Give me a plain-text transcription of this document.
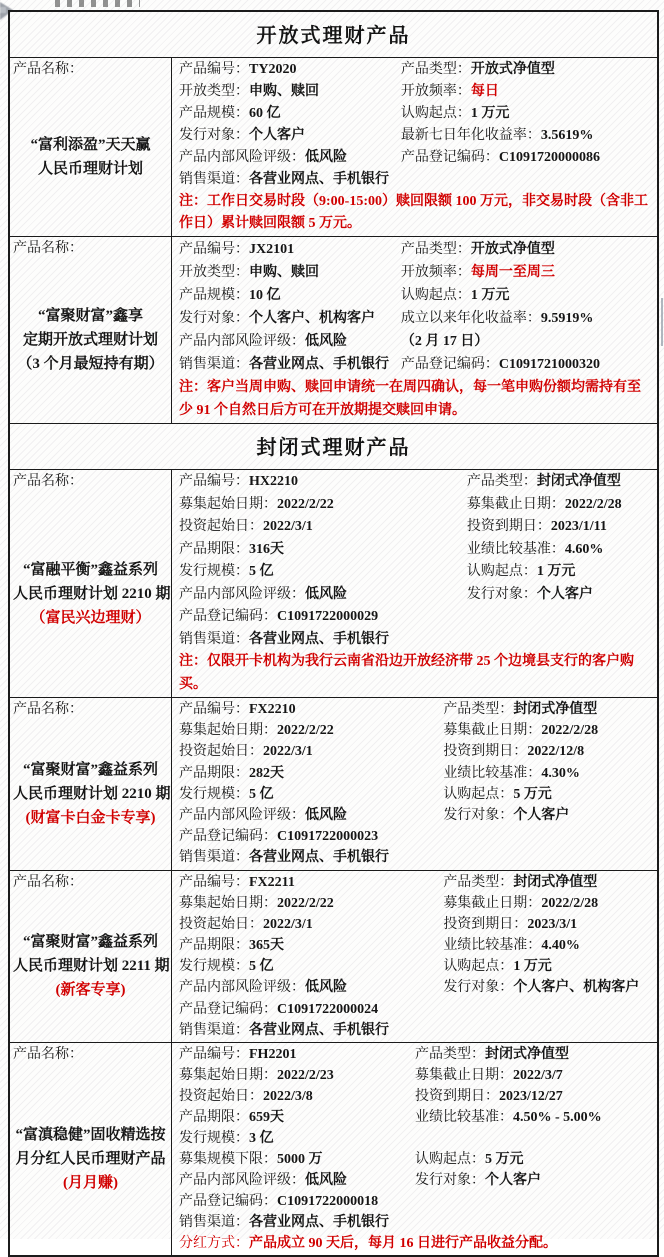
开放式理财产品
产品名称：
“富利添盈”天天赢
人民币理财计划
产品编号：TY2020	产品类型：开放式净值型
开放类型：申购、赎回	开放频率：每日
产品规模：60 亿	认购起点：1 万元
发行对象：个人客户	最新七日年化收益率：3.5619%
产品内部风险评级：低风险	产品登记编码：C1091720000086
销售渠道：各营业网点、手机银行
注：工作日交易时段（9:00-15:00）赎回限额 100 万元，非交易时段（含非工作日）累计赎回限额 5 万元。
产品名称：
“富聚财富”鑫享
定期开放式理财计划
（3 个月最短持有期）
产品编号：JX2101	产品类型：开放式净值型
开放类型：申购、赎回	开放频率：每周一至周三
产品规模：10 亿	认购起点：1 万元
发行对象：个人客户、机构客户	成立以来年化收益率：9.5919%
产品内部风险评级：低风险	（2 月 17 日）
销售渠道：各营业网点、手机银行 产品登记编码：C1091721000320
注：客户当周申购、赎回申请统一在周四确认，每一笔申购份额均需持有至少 91 个自然日后方可在开放期提交赎回申请。
封闭式理财产品
产品名称：
“富融平衡”鑫益系列
人民币理财计划 2210 期
（富民兴边理财）
产品编号：HX2210	产品类型：封闭式净值型
募集起始日期：2022/2/22	募集截止日期：2022/2/28
投资起始日：2022/3/1	投资到期日：2023/1/11
产品期限：316天	业绩比较基准：4.60%
发行规模：5 亿	认购起点：1 万元
产品内部风险评级：低风险	发行对象：个人客户
产品登记编码：C1091722000029
销售渠道：各营业网点、手机银行
注：仅限开卡机构为我行云南省沿边开放经济带 25 个边境县支行的客户购买。
产品名称：
“富聚财富”鑫益系列
人民币理财计划 2210 期
(财富卡白金卡专享)
产品编号：FX2210	产品类型：封闭式净值型
募集起始日期：2022/2/22	募集截止日期：2022/2/28
投资起始日：2022/3/1	投资到期日：2022/12/8
产品期限：282天	业绩比较基准：4.30%
发行规模：5 亿	认购起点：5 万元
产品内部风险评级：低风险	发行对象：个人客户
产品登记编码：C1091722000023
销售渠道：各营业网点、手机银行
产品名称：
“富聚财富”鑫益系列
人民币理财计划 2211 期
(新客专享)
产品编号：FX2211	产品类型：封闭式净值型
募集起始日期：2022/2/22	募集截止日期：2022/2/28
投资起始日：2022/3/1	投资到期日：2023/3/1
产品期限：365天	业绩比较基准：4.40%
发行规模：5 亿	认购起点：1 万元
产品内部风险评级：低风险	发行对象：个人客户、机构客户
产品登记编码：C1091722000024
销售渠道：各营业网点、手机银行
产品名称：
“富滇稳健”固收精选按
月分红人民币理财产品
(月月赚)
产品编号：FH2201	产品类型：封闭式净值型
募集起始日期：2022/2/23	募集截止日期：2022/3/7
投资起始日：2022/3/8	投资到期日：2023/12/27
产品期限：659天	业绩比较基准：4.50% - 5.00%
发行规模：3 亿
募集规模下限：5000 万	认购起点：5 万元
产品内部风险评级：低风险	发行对象：个人客户
产品登记编码：C1091722000018
销售渠道：各营业网点、手机银行
分红方式：产品成立 90 天后，每月 16 日进行产品收益分配。
